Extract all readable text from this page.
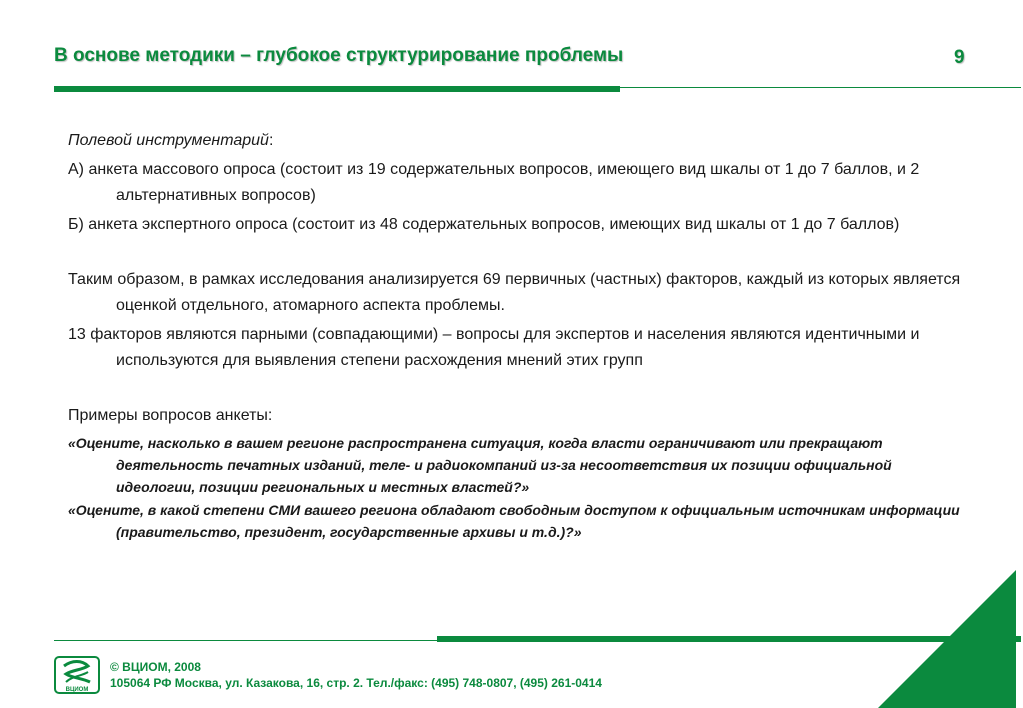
В основе методики – глубокое структурирование проблемы	9

Полевой инструментарий:

А) анкета массового опроса (состоит из 19 содержательных вопросов, имеющего вид шкалы от 1 до 7 баллов, и 2 альтернативных вопросов)

Б) анкета экспертного опроса (состоит из 48 содержательных вопросов, имеющих вид шкалы от 1 до 7 баллов)

Таким образом, в рамках исследования анализируется 69 первичных (частных) факторов, каждый из которых является оценкой отдельного, атомарного аспекта проблемы.

13 факторов являются парными (совпадающими) – вопросы для экспертов и населения являются идентичными и используются для выявления степени расхождения мнений этих групп

Примеры вопросов анкеты:

«Оцените, насколько в вашем регионе распространена ситуация, когда власти ограничивают или прекращают деятельность печатных изданий, теле- и радиокомпаний из-за несоответствия их позиции официальной идеологии, позиции региональных и местных властей?»

«Оцените, в какой степени СМИ вашего региона обладают свободным доступом к официальным источникам информации (правительство, президент, государственные архивы и т.д.)?»

ВЦИОМ
© ВЦИОМ, 2008
105064 РФ Москва, ул. Казакова, 16, стр. 2. Тел./факс: (495) 748-0807, (495) 261-0414
